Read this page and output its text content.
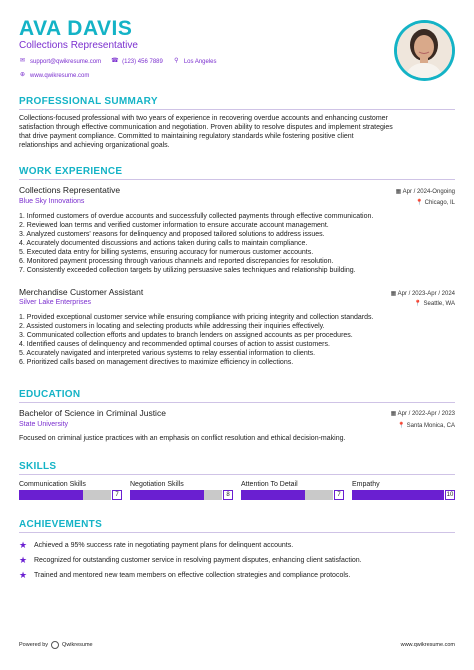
AVA DAVIS
Collections Representative
✉ support@qwikresume.com ☎ (123) 456 7889 ⚲ Los Angeles
⊕ www.qwikresume.com
PROFESSIONAL SUMMARY
Collections-focused professional with two years of experience in recovering overdue accounts and enhancing customer
satisfaction through effective communication and negotiation. Proven ability to resolve disputes and implement strategies
that drive payment compliance. Committed to maintaining regulatory standards while fostering positive client
relationships and achieving organizational goals.
WORK EXPERIENCE
Collections Representative	▦ Apr / 2024-Ongoing
Blue Sky Innovations	📍 Chicago, IL
1. Informed customers of overdue accounts and successfully collected payments through effective communication.
2. Reviewed loan terms and verified customer information to ensure accurate account management.
3. Analyzed customers' reasons for delinquency and proposed tailored solutions to address issues.
4. Accurately documented discussions and actions taken during calls to maintain compliance.
5. Executed data entry for billing systems, ensuring accuracy for numerous customer accounts.
6. Monitored payment processing through various channels and reported discrepancies for resolution.
7. Consistently exceeded collection targets by utilizing persuasive sales techniques and relationship building.
Merchandise Customer Assistant	▦ Apr / 2023-Apr / 2024
Silver Lake Enterprises	📍 Seattle, WA
1. Provided exceptional customer service while ensuring compliance with pricing integrity and collection standards.
2. Assisted customers in locating and selecting products while addressing their inquiries effectively.
3. Communicated collection efforts and updates to branch lenders on assigned accounts as per procedures.
4. Identified causes of delinquency and recommended optimal courses of action to assist customers.
5. Accurately navigated and interpreted various systems to relay essential information to clients.
6. Prioritized calls based on management directives to maximize efficiency in collections.
EDUCATION
Bachelor of Science in Criminal Justice	▦ Apr / 2022-Apr / 2023
State University	📍 Santa Monica, CA
Focused on criminal justice practices with an emphasis on conflict resolution and ethical decision-making.
SKILLS
Communication Skills
7
Negotiation Skills
8
Attention To Detail
7
Empathy
10
ACHIEVEMENTS
★ Achieved a 95% success rate in negotiating payment plans for delinquent accounts.
★ Recognized for outstanding customer service in resolving payment disputes, enhancing client satisfaction.
★ Trained and mentored new team members on effective collection strategies and compliance protocols.
Powered by	Qwikresume	www.qwikresume.com
